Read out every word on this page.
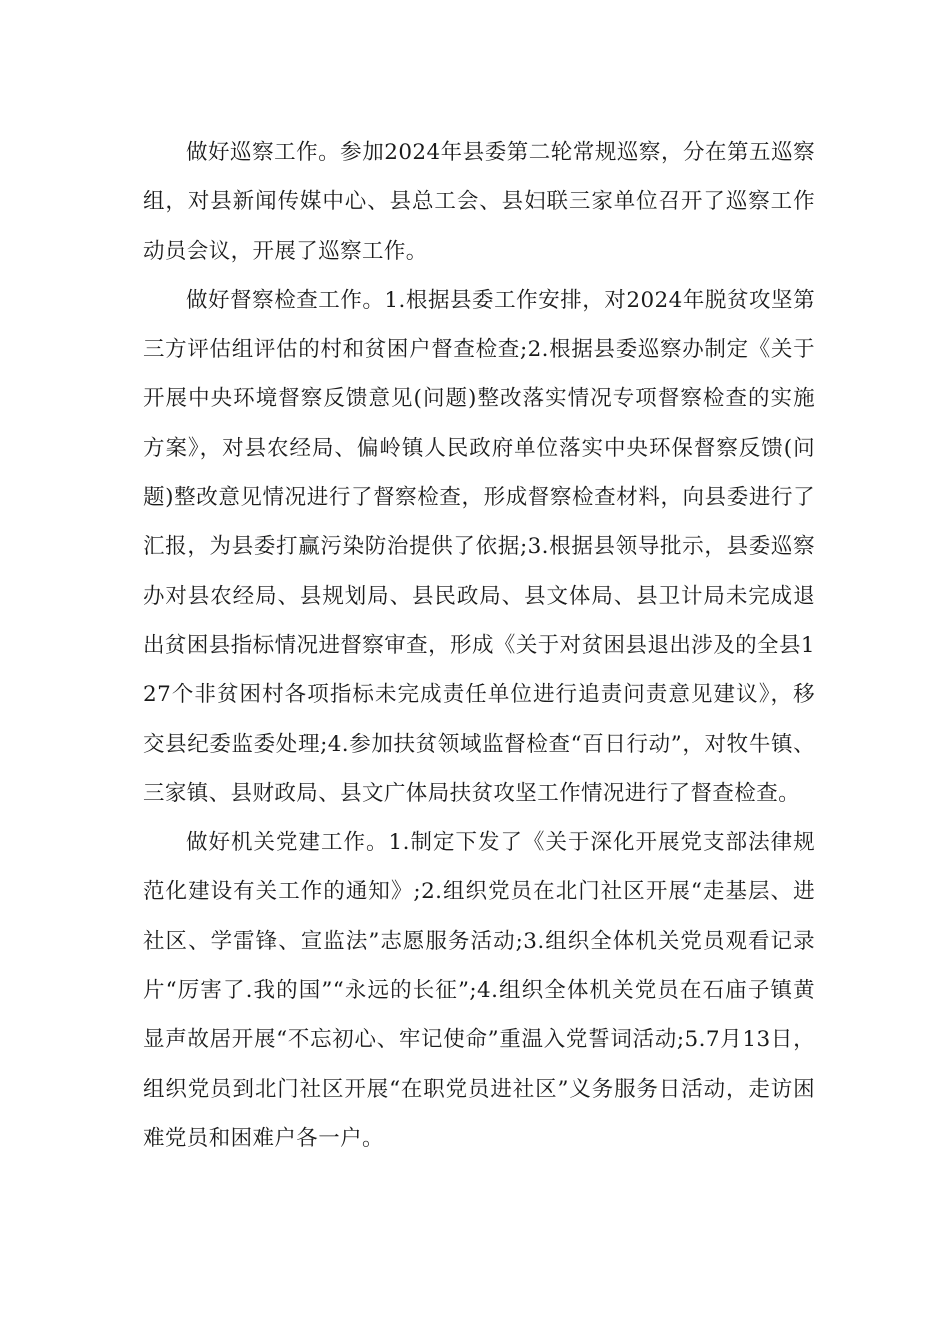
做好巡察工作。参加2024年县委第二轮常规巡察，分在第五巡察组，对县新闻传媒中心、县总工会、县妇联三家单位召开了巡察工作动员会议，开展了巡察工作。

做好督察检查工作。1.根据县委工作安排，对2024年脱贫攻坚第三方评估组评估的村和贫困户督查检查;2.根据县委巡察办制定《关于开展中央环境督察反馈意见(问题)整改落实情况专项督察检查的实施方案》，对县农经局、偏岭镇人民政府单位落实中央环保督察反馈(问题)整改意见情况进行了督察检查，形成督察检查材料，向县委进行了汇报，为县委打赢污染防治提供了依据;3.根据县领导批示，县委巡察办对县农经局、县规划局、县民政局、县文体局、县卫计局未完成退出贫困县指标情况进督察审查，形成《关于对贫困县退出涉及的全县127个非贫困村各项指标未完成责任单位进行追责问责意见建议》，移交县纪委监委处理;4.参加扶贫领域监督检查“百日行动”，对牧牛镇、三家镇、县财政局、县文广体局扶贫攻坚工作情况进行了督查检查。

做好机关党建工作。1.制定下发了《关于深化开展党支部法律规范化建设有关工作的通知》;2.组织党员在北门社区开展“走基层、进社区、学雷锋、宣监法”志愿服务活动;3.组织全体机关党员观看记录片“厉害了.我的国”“永远的长征”;4.组织全体机关党员在石庙子镇黄显声故居开展“不忘初心、牢记使命”重温入党誓词活动;5.7月13日，组织党员到北门社区开展“在职党员进社区”义务服务日活动，走访困难党员和困难户各一户。
